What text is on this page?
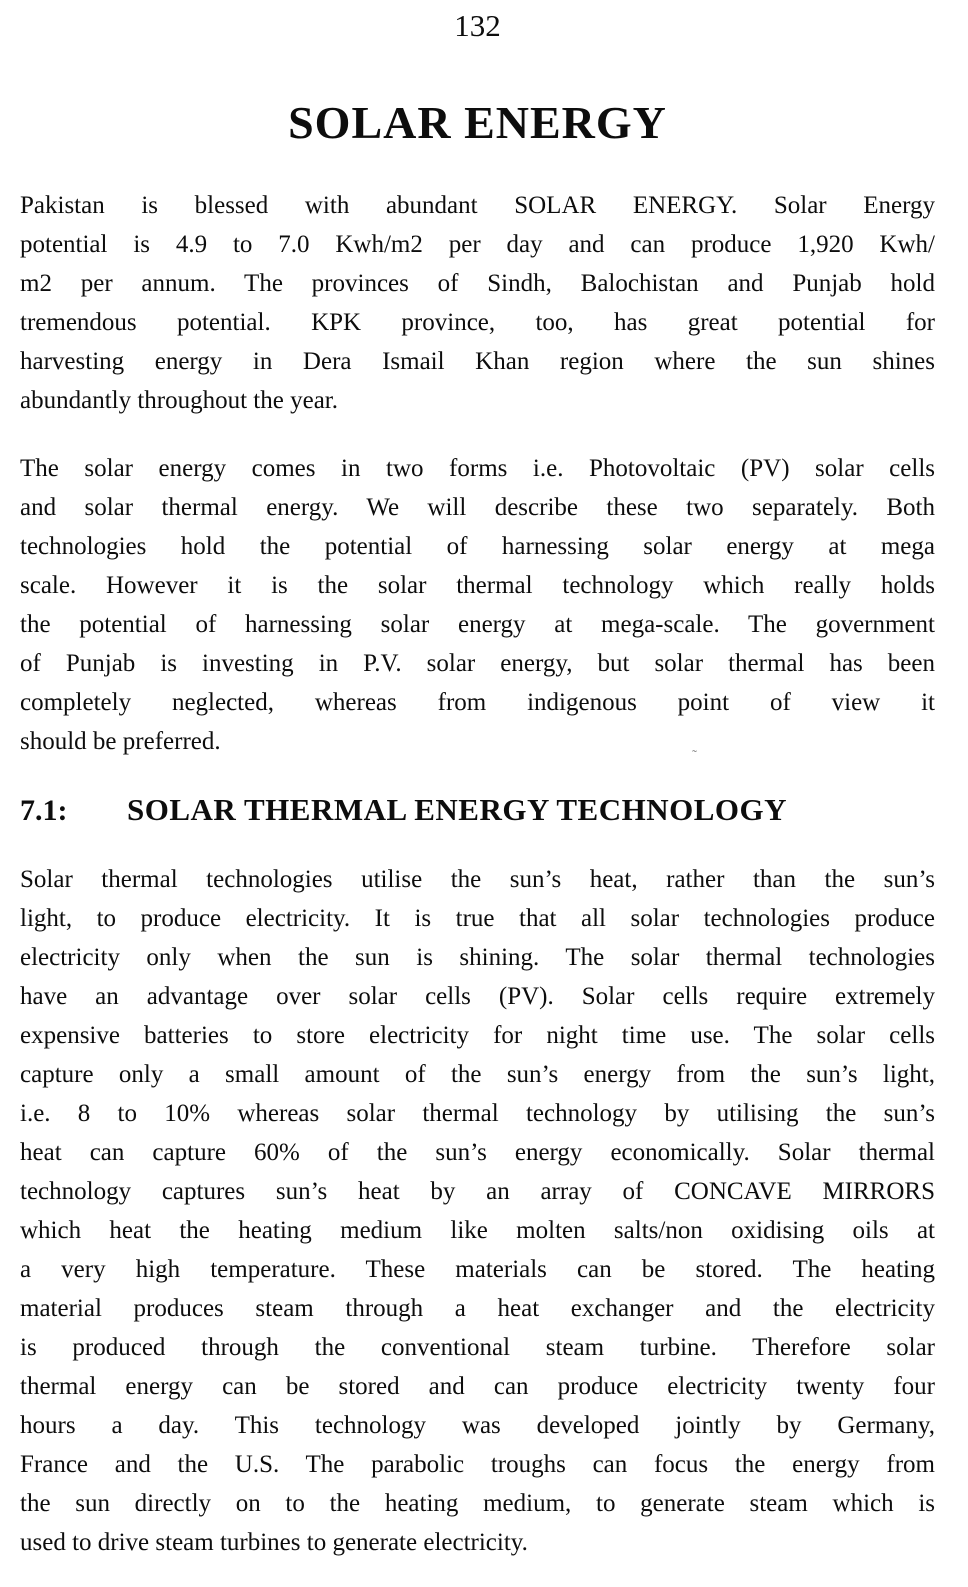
132
SOLAR ENERGY
Pakistan is blessed with abundant SOLAR ENERGY. Solar Energy
potential is 4.9 to 7.0 Kwh/m2 per day and can produce 1,920 Kwh/
m2 per annum. The provinces of Sindh, Balochistan and Punjab hold
tremendous potential. KPK province, too, has great potential for
harvesting energy in Dera Ismail Khan region where the sun shines
abundantly throughout the year.
The solar energy comes in two forms i.e. Photovoltaic (PV) solar cells
and solar thermal energy. We will describe these two separately. Both
technologies hold the potential of harnessing solar energy at mega
scale. However it is the solar thermal technology which really holds
the potential of harnessing solar energy at mega-scale. The government
of Punjab is investing in P.V. solar energy, but solar thermal has been
completely neglected, whereas from indigenous point of view it
should be preferred.
7.1:	SOLAR THERMAL ENERGY TECHNOLOGY
Solar thermal technologies utilise the sun’s heat, rather than the sun’s
light, to produce electricity. It is true that all solar technologies produce
electricity only when the sun is shining. The solar thermal technologies
have an advantage over solar cells (PV). Solar cells require extremely
expensive batteries to store electricity for night time use. The solar cells
capture only a small amount of the sun’s energy from the sun’s light,
i.e. 8 to 10% whereas solar thermal technology by utilising the sun’s
heat can capture 60% of the sun’s energy economically. Solar thermal
technology captures sun’s heat by an array of CONCAVE MIRRORS
which heat the heating medium like molten salts/non oxidising oils at
a very high temperature. These materials can be stored. The heating
material produces steam through a heat exchanger and the electricity
is produced through the conventional steam turbine. Therefore solar
thermal energy can be stored and can produce electricity twenty four
hours a day. This technology was developed jointly by Germany,
France and the U.S. The parabolic troughs can focus the energy from
the sun directly on to the heating medium, to generate steam which is
used to drive steam turbines to generate electricity.
˜
